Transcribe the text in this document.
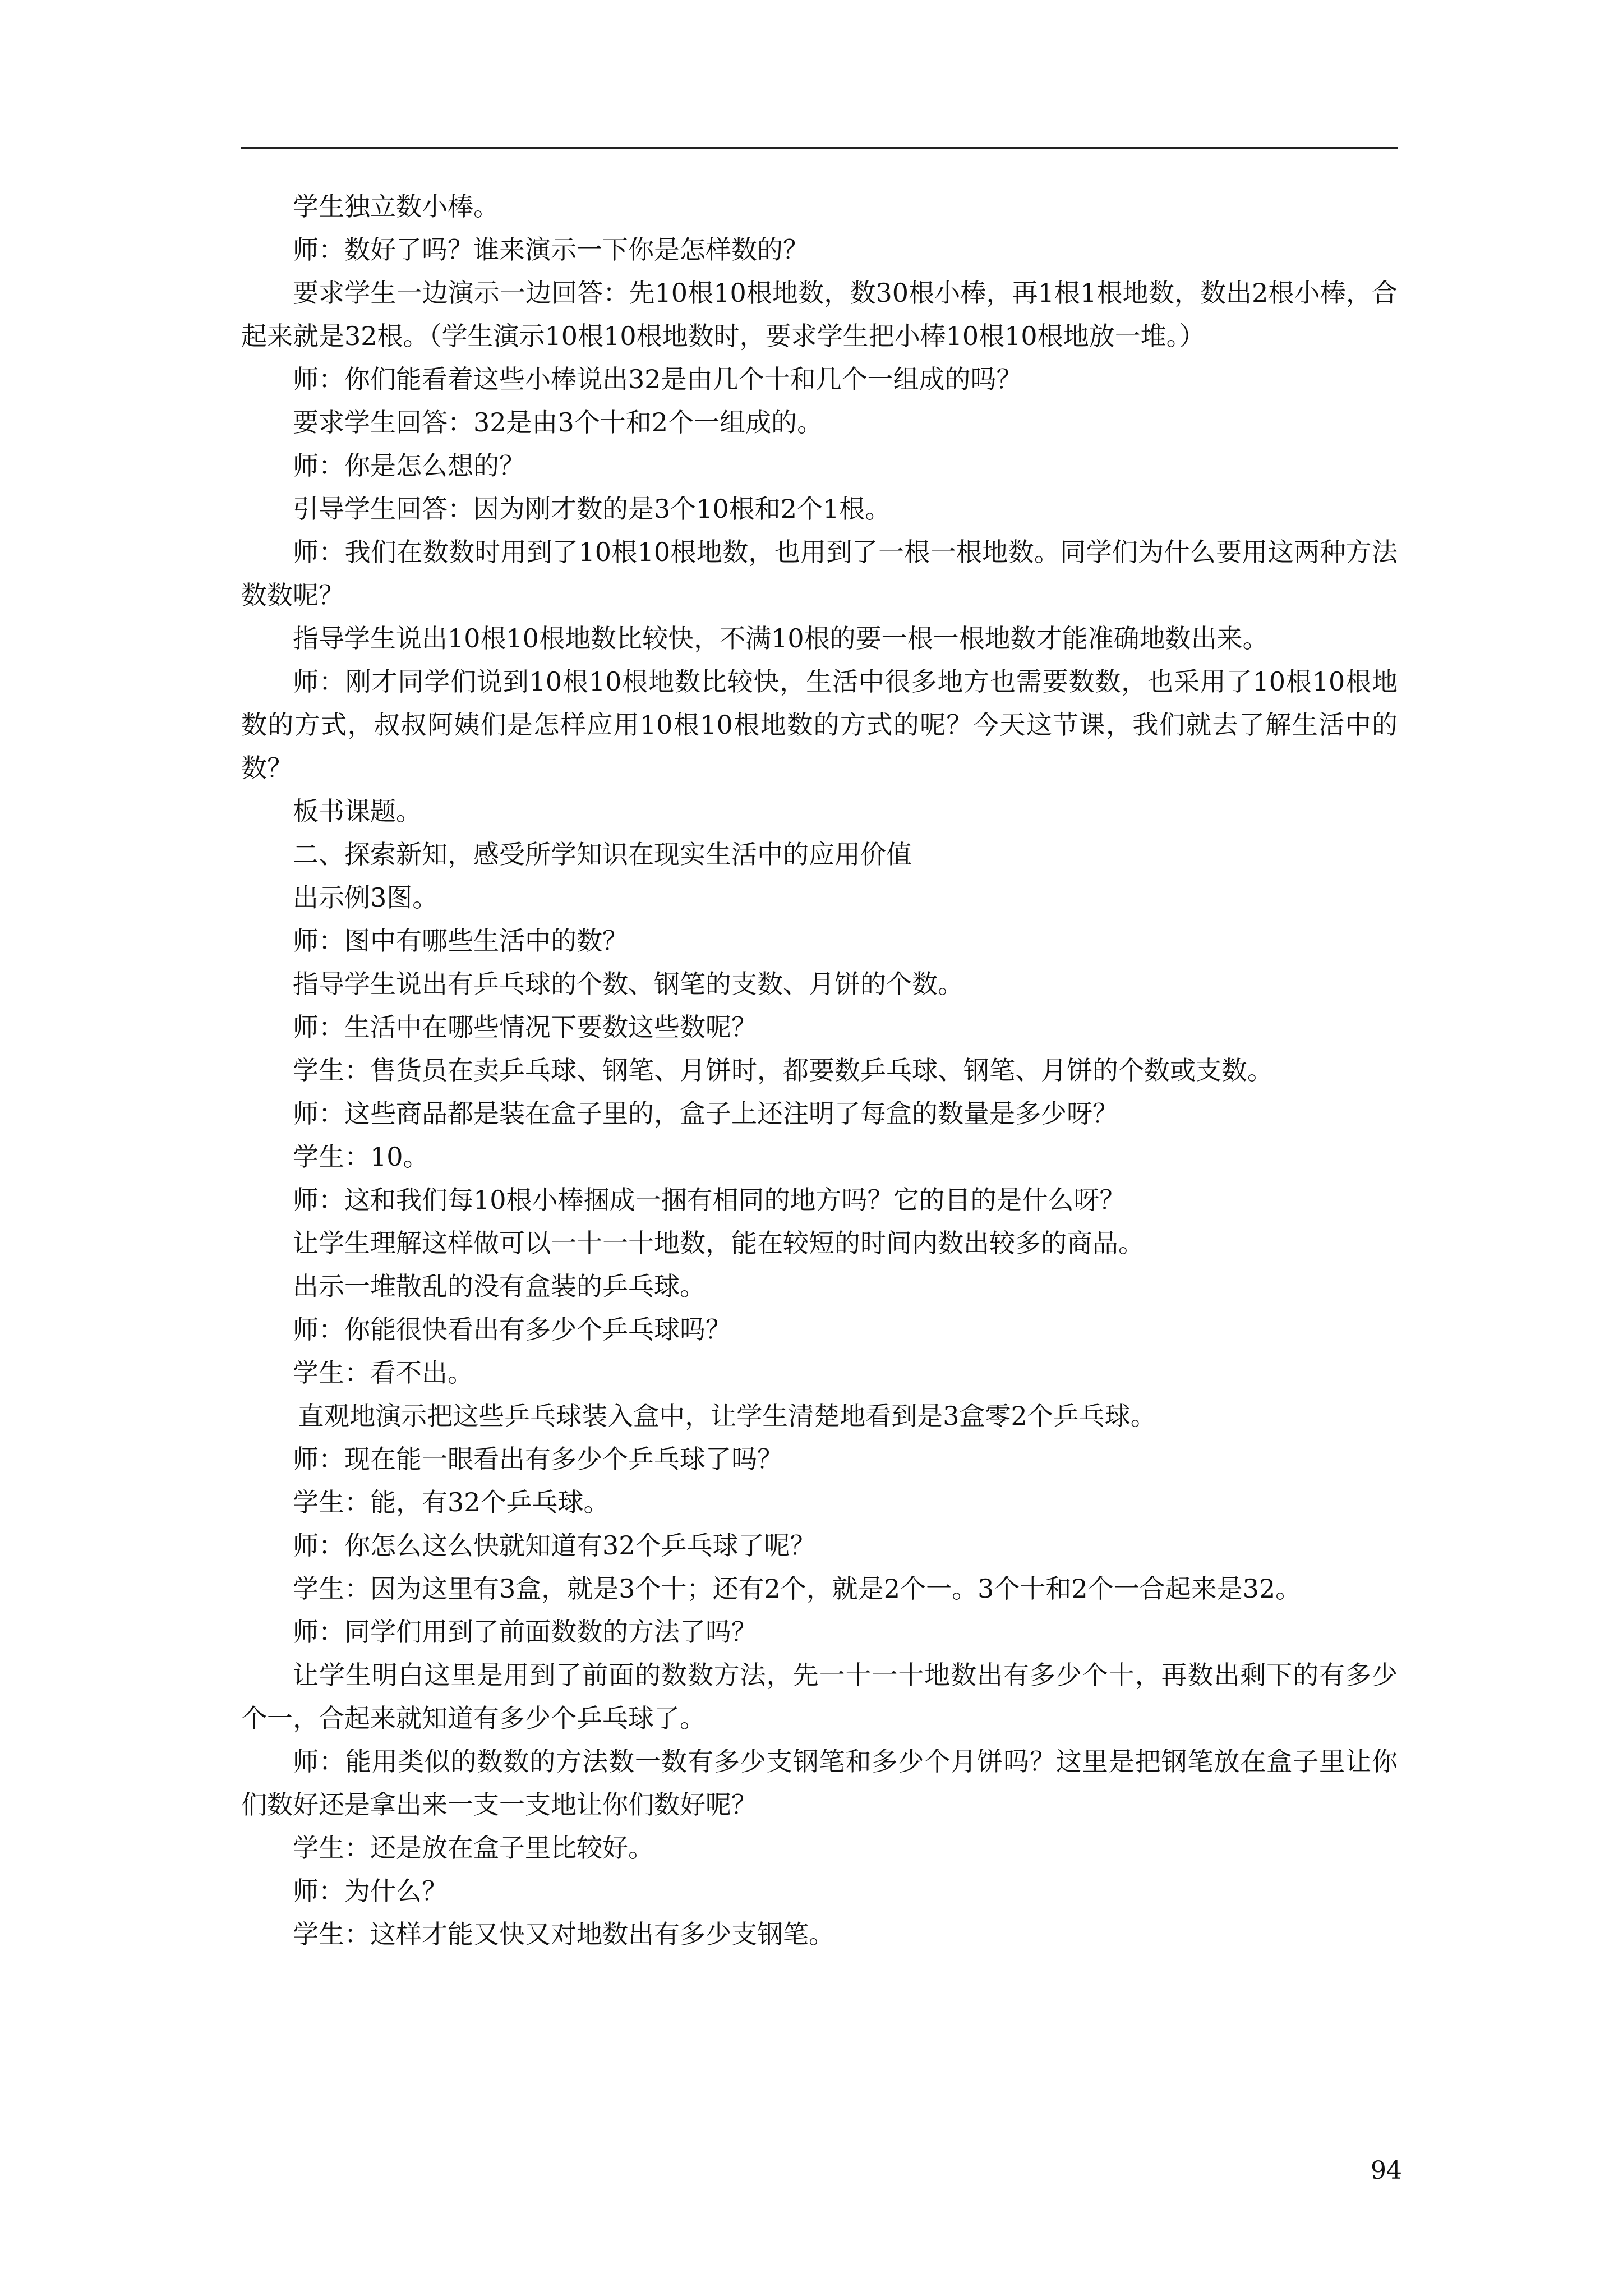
学生独立数小棒。

师：数好了吗？谁来演示一下你是怎样数的？

要求学生一边演示一边回答：先10根10根地数，数30根小棒，再1根1根地数，数出2根小棒，合起来就是32根。（学生演示10根10根地数时，要求学生把小棒10根10根地放一堆。）

师：你们能看着这些小棒说出32是由几个十和几个一组成的吗？

要求学生回答：32是由3个十和2个一组成的。

师：你是怎么想的？

引导学生回答：因为刚才数的是3个10根和2个1根。

师：我们在数数时用到了10根10根地数，也用到了一根一根地数。同学们为什么要用这两种方法数数呢？

指导学生说出10根10根地数比较快，不满10根的要一根一根地数才能准确地数出来。

师：刚才同学们说到10根10根地数比较快，生活中很多地方也需要数数，也采用了10根10根地数的方式，叔叔阿姨们是怎样应用10根10根地数的方式的呢？今天这节课，我们就去了解生活中的数？

板书课题。

二、探索新知，感受所学知识在现实生活中的应用价值

出示例3图。

师：图中有哪些生活中的数？

指导学生说出有乒乓球的个数、钢笔的支数、月饼的个数。

师：生活中在哪些情况下要数这些数呢？

学生：售货员在卖乒乓球、钢笔、月饼时，都要数乒乓球、钢笔、月饼的个数或支数。

师：这些商品都是装在盒子里的，盒子上还注明了每盒的数量是多少呀？

学生：10。

师：这和我们每10根小棒捆成一捆有相同的地方吗？它的目的是什么呀？

让学生理解这样做可以一十一十地数，能在较短的时间内数出较多的商品。

出示一堆散乱的没有盒装的乒乓球。

师：你能很快看出有多少个乒乓球吗？

学生：看不出。

直观地演示把这些乒乓球装入盒中，让学生清楚地看到是3盒零2个乒乓球。

师：现在能一眼看出有多少个乒乓球了吗？

学生：能，有32个乒乓球。

师：你怎么这么快就知道有32个乒乓球了呢？

学生：因为这里有3盒，就是3个十；还有2个，就是2个一。3个十和2个一合起来是32。

师：同学们用到了前面数数的方法了吗？

让学生明白这里是用到了前面的数数方法，先一十一十地数出有多少个十，再数出剩下的有多少个一，合起来就知道有多少个乒乓球了。

师：能用类似的数数的方法数一数有多少支钢笔和多少个月饼吗？这里是把钢笔放在盒子里让你们数好还是拿出来一支一支地让你们数好呢？

学生：还是放在盒子里比较好。

师：为什么？

学生：这样才能又快又对地数出有多少支钢笔。

94
